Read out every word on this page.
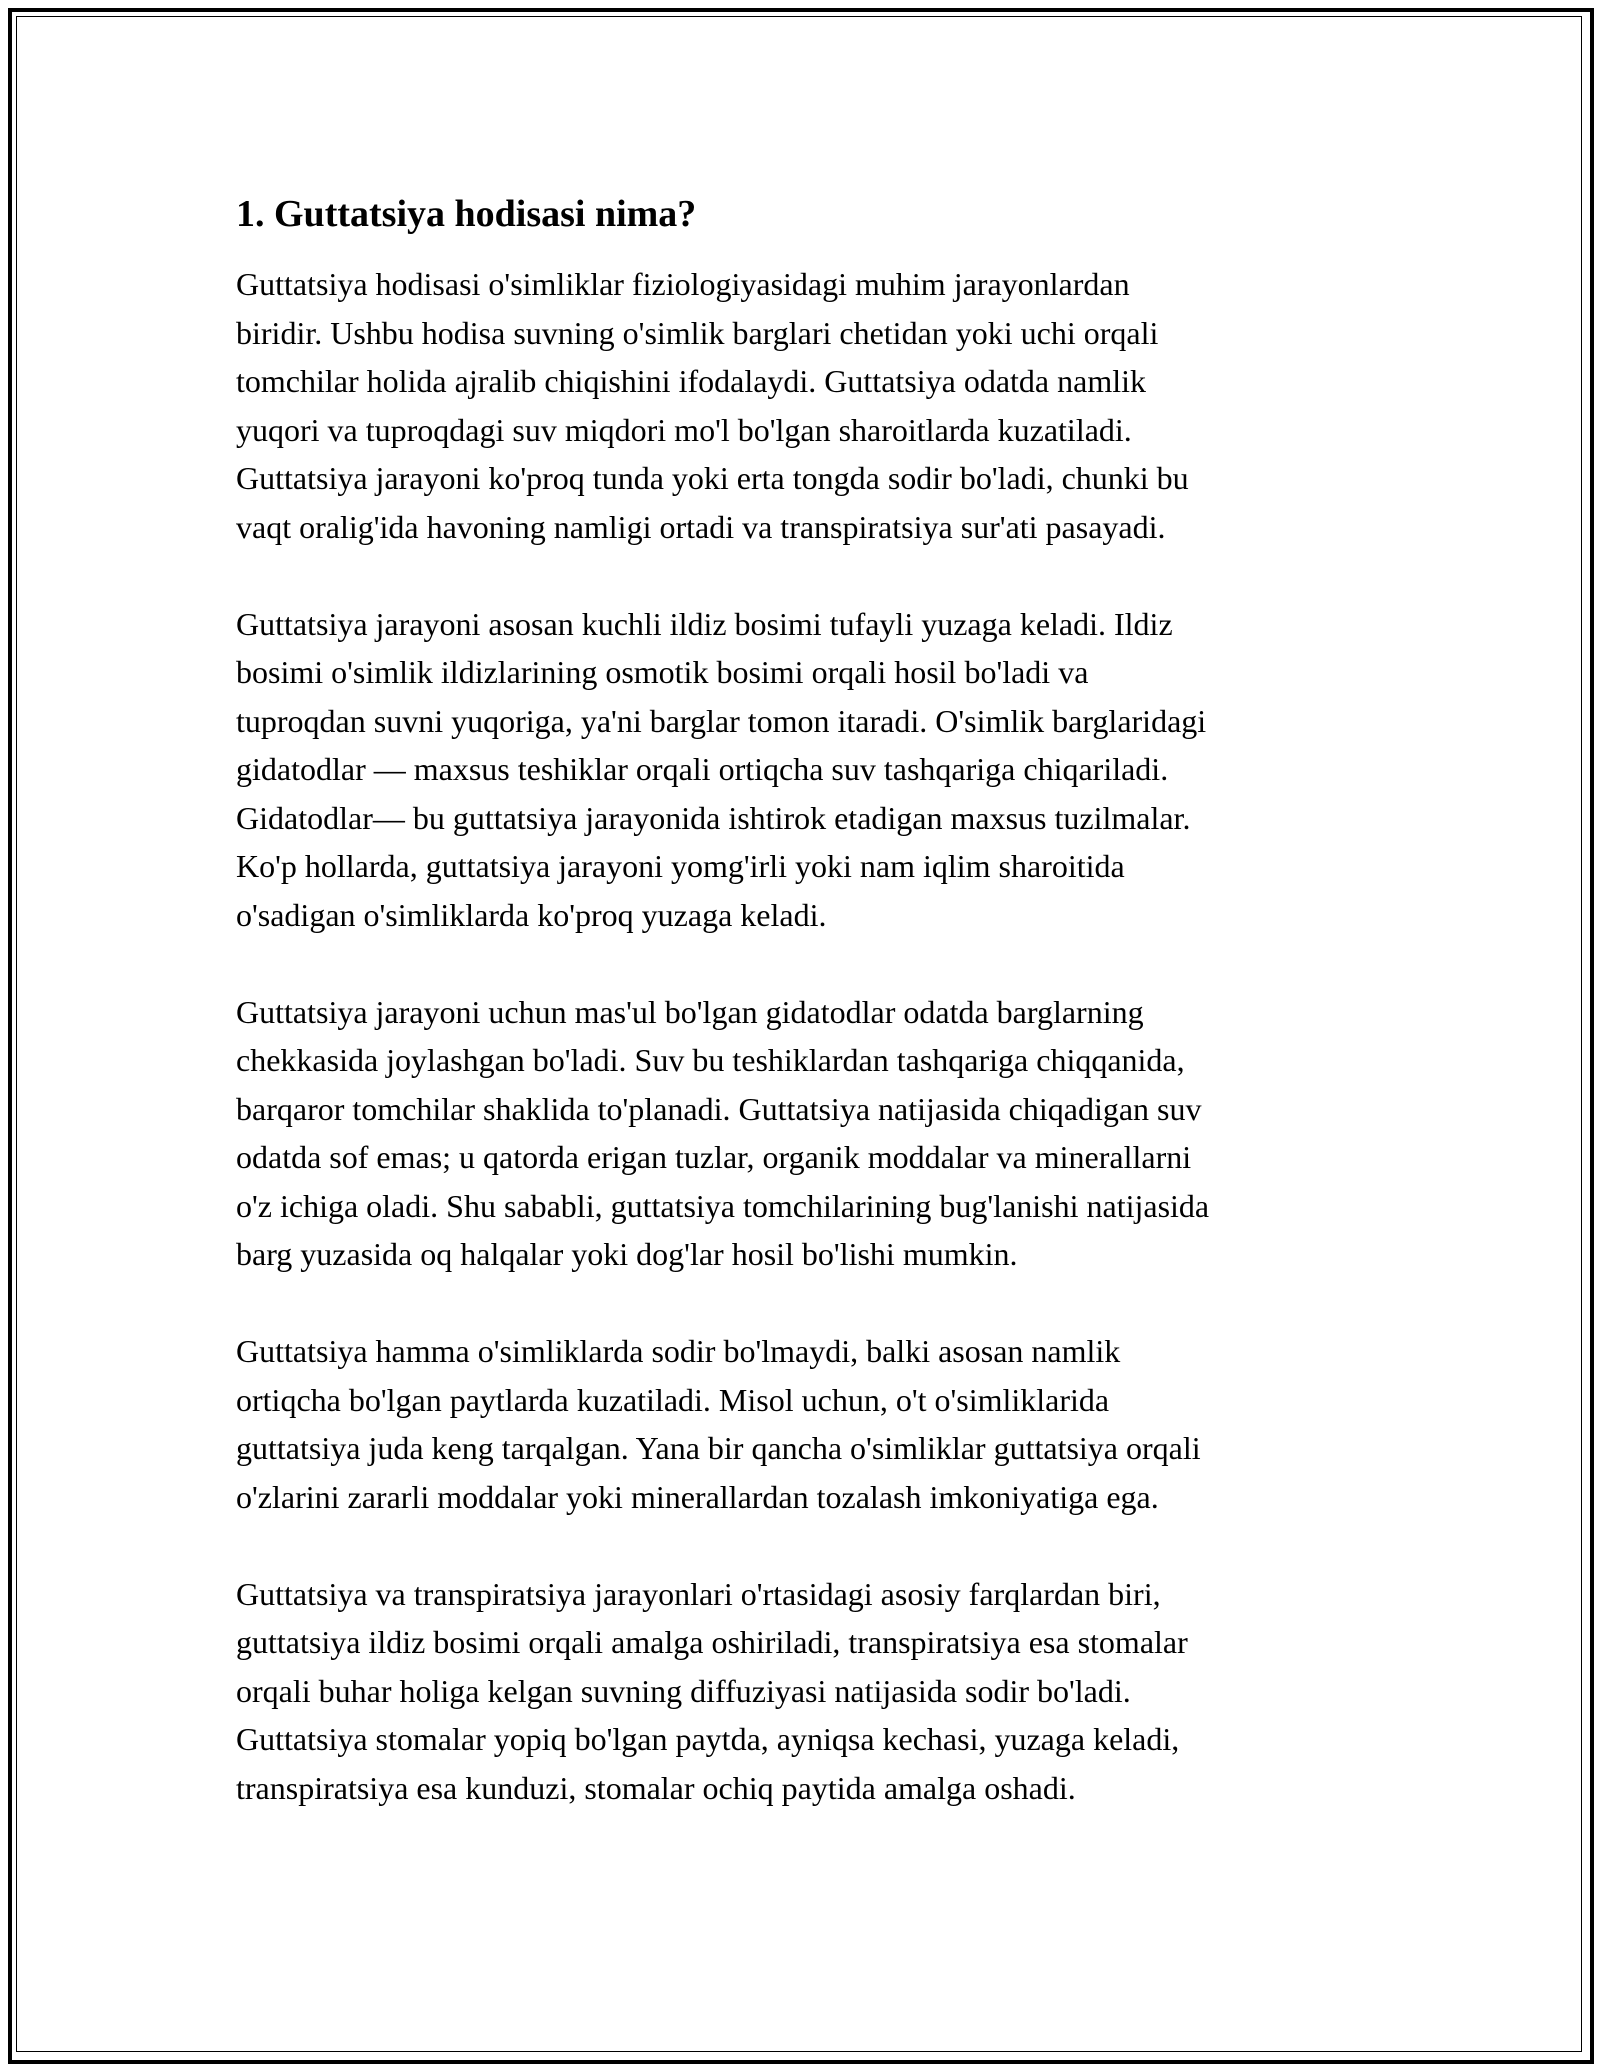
1. Guttatsiya hodisasi nima?

Guttatsiya hodisasi o'simliklar fiziologiyasidagi muhim jarayonlardan
biridir. Ushbu hodisa suvning o'simlik barglari chetidan yoki uchi orqali
tomchilar holida ajralib chiqishini ifodalaydi. Guttatsiya odatda namlik
yuqori va tuproqdagi suv miqdori mo'l bo'lgan sharoitlarda kuzatiladi.
Guttatsiya jarayoni ko'proq tunda yoki erta tongda sodir bo'ladi, chunki bu
vaqt oralig'ida havoning namligi ortadi va transpiratsiya sur'ati pasayadi.

Guttatsiya jarayoni asosan kuchli ildiz bosimi tufayli yuzaga keladi. Ildiz
bosimi o'simlik ildizlarining osmotik bosimi orqali hosil bo'ladi va
tuproqdan suvni yuqoriga, ya'ni barglar tomon itaradi. O'simlik barglaridagi
gidatodlar — maxsus teshiklar orqali ortiqcha suv tashqariga chiqariladi.
Gidatodlar— bu guttatsiya jarayonida ishtirok etadigan maxsus tuzilmalar.
Ko'p hollarda, guttatsiya jarayoni yomg'irli yoki nam iqlim sharoitida
o'sadigan o'simliklarda ko'proq yuzaga keladi.

Guttatsiya jarayoni uchun mas'ul bo'lgan gidatodlar odatda barglarning
chekkasida joylashgan bo'ladi. Suv bu teshiklardan tashqariga chiqqanida,
barqaror tomchilar shaklida to'planadi. Guttatsiya natijasida chiqadigan suv
odatda sof emas; u qatorda erigan tuzlar, organik moddalar va minerallarni
o'z ichiga oladi. Shu sababli, guttatsiya tomchilarining bug'lanishi natijasida
barg yuzasida oq halqalar yoki dog'lar hosil bo'lishi mumkin.

Guttatsiya hamma o'simliklarda sodir bo'lmaydi, balki asosan namlik
ortiqcha bo'lgan paytlarda kuzatiladi. Misol uchun, o't o'simliklarida
guttatsiya juda keng tarqalgan. Yana bir qancha o'simliklar guttatsiya orqali
o'zlarini zararli moddalar yoki minerallardan tozalash imkoniyatiga ega.

Guttatsiya va transpiratsiya jarayonlari o'rtasidagi asosiy farqlardan biri,
guttatsiya ildiz bosimi orqali amalga oshiriladi, transpiratsiya esa stomalar
orqali buhar holiga kelgan suvning diffuziyasi natijasida sodir bo'ladi.
Guttatsiya stomalar yopiq bo'lgan paytda, ayniqsa kechasi, yuzaga keladi,
transpiratsiya esa kunduzi, stomalar ochiq paytida amalga oshadi.
